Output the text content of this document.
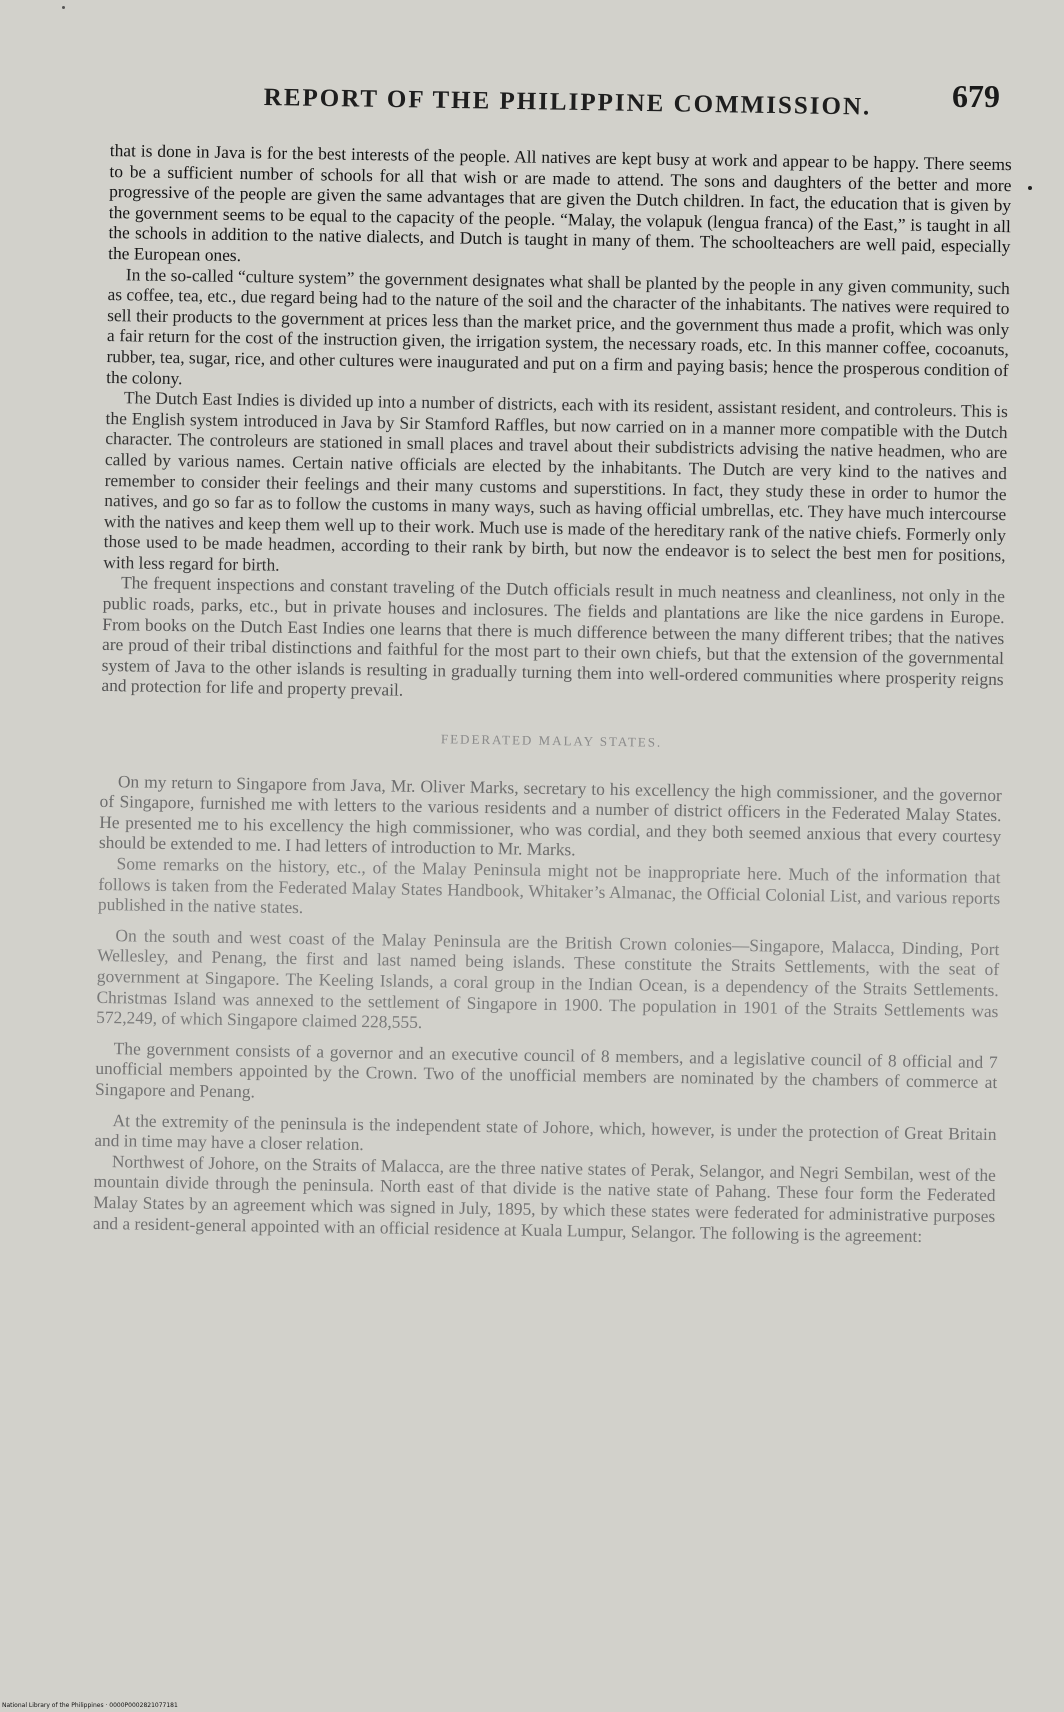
REPORT OF THE PHILIPPINE COMMISSION.	679

that is done in Java is for the best interests of the people. All natives are kept busy at work and appear to be happy. There seems to be a sufficient number of schools for all that wish or are made to attend. The sons and daughters of the better and more progressive of the people are given the same advantages that are given the Dutch children. In fact, the education that is given by the government seems to be equal to the capacity of the people. “Malay, the volapuk (lengua franca) of the East,” is taught in all the schools in addition to the native dialects, and Dutch is taught in many of them. The schoolteachers are well paid, especially the European ones.

In the so-called “culture system” the government designates what shall be planted by the people in any given community, such as coffee, tea, etc., due regard being had to the nature of the soil and the character of the inhabitants. The natives were required to sell their products to the government at prices less than the market price, and the government thus made a profit, which was only a fair return for the cost of the instruction given, the irrigation system, the necessary roads, etc. In this manner coffee, cocoanuts, rubber, tea, sugar, rice, and other cultures were inaugurated and put on a firm and paying basis; hence the prosperous condition of the colony.

The Dutch East Indies is divided up into a number of districts, each with its resident, assistant resident, and controleurs. This is the English system introduced in Java by Sir Stamford Raffles, but now carried on in a manner more compatible with the Dutch character. The controleurs are stationed in small places and travel about their subdistricts advising the native headmen, who are called by various names. Certain native officials are elected by the inhabitants. The Dutch are very kind to the natives and remember to consider their feelings and their many customs and superstitions. In fact, they study these in order to humor the natives, and go so far as to follow the customs in many ways, such as having official umbrellas, etc. They have much intercourse with the natives and keep them well up to their work. Much use is made of the hereditary rank of the native chiefs. Formerly only those used to be made headmen, according to their rank by birth, but now the endeavor is to select the best men for positions, with less regard for birth.

The frequent inspections and constant traveling of the Dutch officials result in much neatness and cleanliness, not only in the public roads, parks, etc., but in private houses and inclosures. The fields and plantations are like the nice gardens in Europe. From books on the Dutch East Indies one learns that there is much difference between the many different tribes; that the natives are proud of their tribal distinctions and faithful for the most part to their own chiefs, but that the extension of the governmental system of Java to the other islands is resulting in gradually turning them into well-ordered communities where prosperity reigns and protection for life and property prevail.

FEDERATED MALAY STATES.

On my return to Singapore from Java, Mr. Oliver Marks, secretary to his excellency the high commissioner, and the governor of Singapore, furnished me with letters to the various residents and a number of district officers in the Federated Malay States. He presented me to his excellency the high commissioner, who was cordial, and they both seemed anxious that every courtesy should be extended to me. I had letters of introduction to Mr. Marks.

Some remarks on the history, etc., of the Malay Peninsula might not be inappropriate here. Much of the information that follows is taken from the Federated Malay States Handbook, Whitaker’s Almanac, the Official Colonial List, and various reports published in the native states.

On the south and west coast of the Malay Peninsula are the British Crown colonies—Singapore, Malacca, Dinding, Port Wellesley, and Penang, the first and last named being islands. These constitute the Straits Settlements, with the seat of government at Singapore. The Keeling Islands, a coral group in the Indian Ocean, is a dependency of the Straits Settlements. Christmas Island was annexed to the settlement of Singapore in 1900. The population in 1901 of the Straits Settlements was 572,249, of which Singapore claimed 228,555.

The government consists of a governor and an executive council of 8 members, and a legislative council of 8 official and 7 unofficial members appointed by the Crown. Two of the unofficial members are nominated by the chambers of commerce at Singapore and Penang.

At the extremity of the peninsula is the independent state of Johore, which, however, is under the protection of Great Britain and in time may have a closer relation.

Northwest of Johore, on the Straits of Malacca, are the three native states of Perak, Selangor, and Negri Sembilan, west of the mountain divide through the peninsula. North east of that divide is the native state of Pahang. These four form the Federated Malay States by an agreement which was signed in July, 1895, by which these states were federated for administrative purposes and a resident-general appointed with an official residence at Kuala Lumpur, Selangor. The following is the agreement:

National Library of the Philippines · 0000P0002821077181
